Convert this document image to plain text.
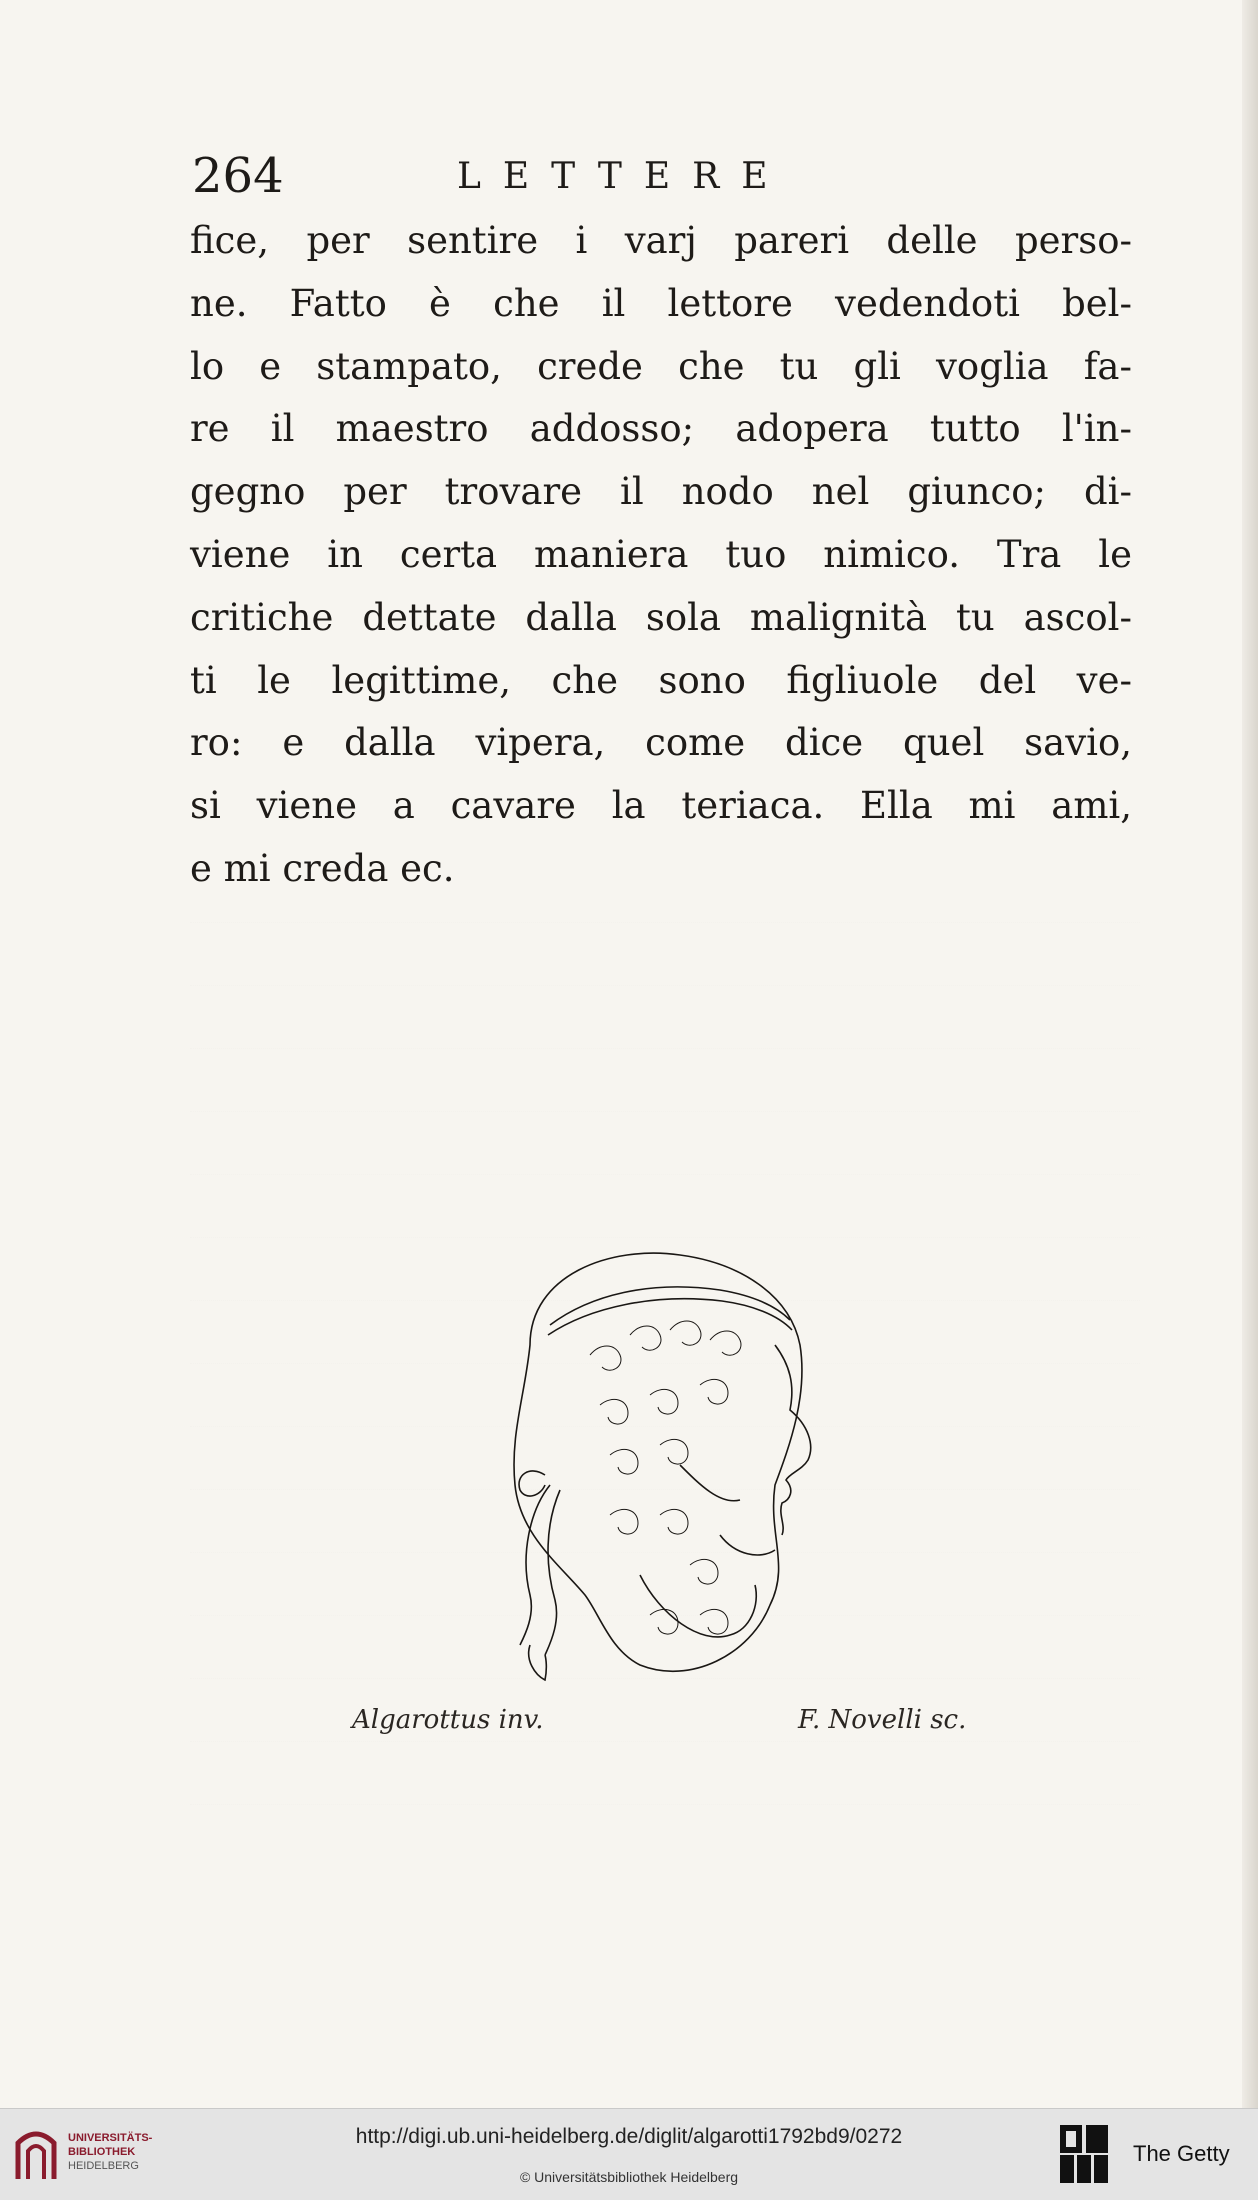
264	LETTERE
fice, per sentire i varj pareri delle perso-
ne. Fatto è che il lettore vedendoti bel-
lo e stampato, crede che tu gli voglia fa-
re il maestro addosso; adopera tutto l'in-
gegno per trovare il nodo nel giunco; di-
viene in certa maniera tuo nimico. Tra le
critiche dettate dalla sola malignità tu ascol-
ti le legittime, che sono figliuole del ve-
ro: e dalla vipera, come dice quel savio,
si viene a cavare la teriaca. Ella mi ami,
e mi creda ec.
Algarottus inv.	F. Novelli sc.
UNIVERSITÄTS-
BIBLIOTHEK
HEIDELBERG
http://digi.ub.uni-heidelberg.de/diglit/algarotti1792bd9/0272
© Universitätsbibliothek Heidelberg
The Getty
